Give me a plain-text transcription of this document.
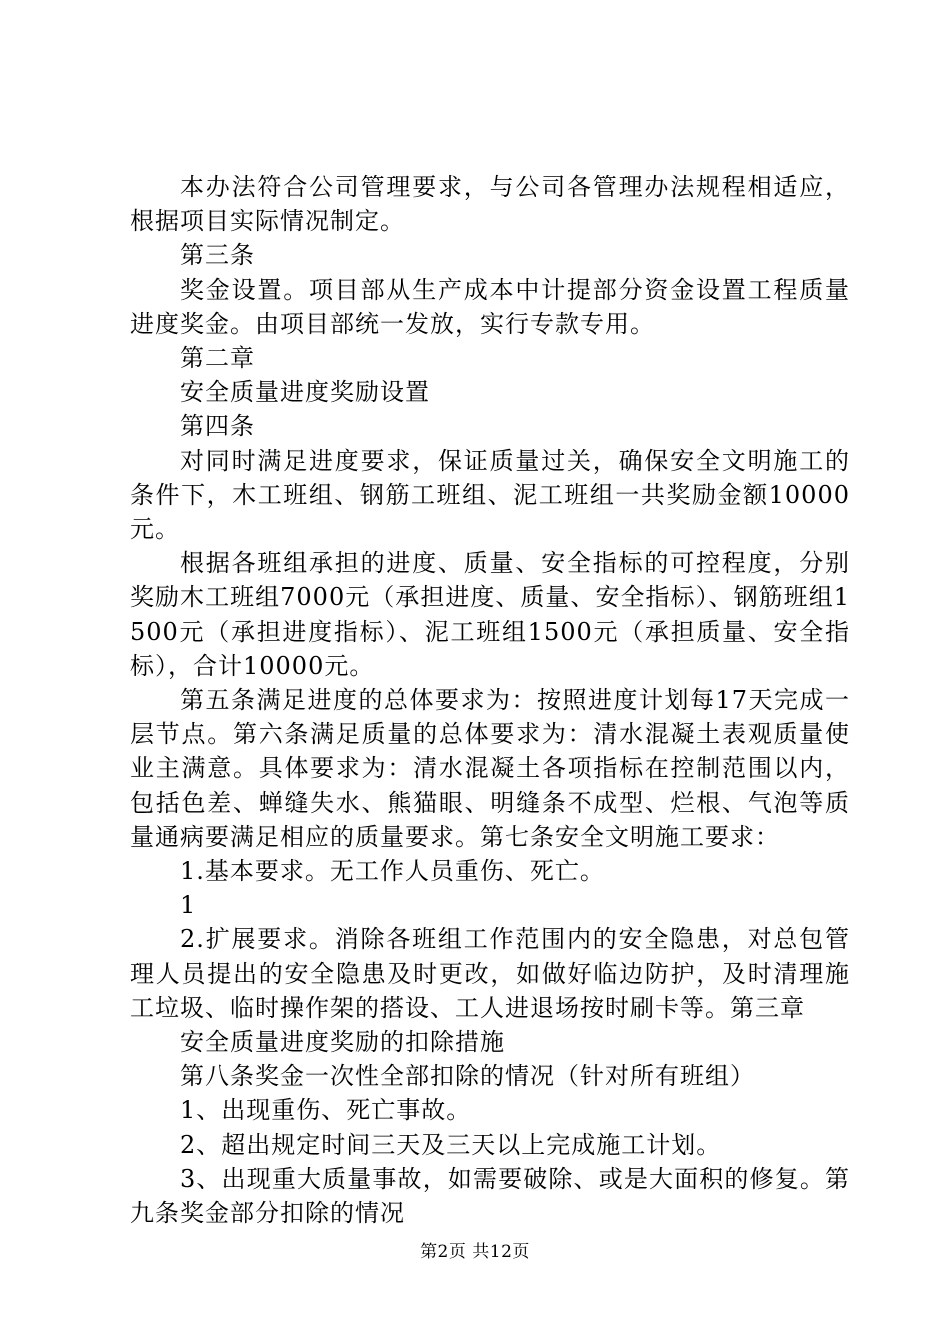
本办法符合公司管理要求，与公司各管理办法规程相适应，根据项目实际情况制定。

第三条

奖金设置。项目部从生产成本中计提部分资金设置工程质量进度奖金。由项目部统一发放，实行专款专用。

第二章

安全质量进度奖励设置

第四条

对同时满足进度要求，保证质量过关，确保安全文明施工的条件下，木工班组、钢筋工班组、泥工班组一共奖励金额10000元。

根据各班组承担的进度、质量、安全指标的可控程度，分别奖励木工班组7000元（承担进度、质量、安全指标）、钢筋班组1500元（承担进度指标）、泥工班组1500元（承担质量、安全指标），合计10000元。

第五条满足进度的总体要求为：按照进度计划每17天完成一层节点。第六条满足质量的总体要求为：清水混凝土表观质量使业主满意。具体要求为：清水混凝土各项指标在控制范围以内，包括色差、蝉缝失水、熊猫眼、明缝条不成型、烂根、气泡等质量通病要满足相应的质量要求。第七条安全文明施工要求：

1.基本要求。无工作人员重伤、死亡。

1

2.扩展要求。消除各班组工作范围内的安全隐患，对总包管理人员提出的安全隐患及时更改，如做好临边防护，及时清理施工垃圾、临时操作架的搭设、工人进退场按时刷卡等。第三章

安全质量进度奖励的扣除措施

第八条奖金一次性全部扣除的情况（针对所有班组）

1、出现重伤、死亡事故。

2、超出规定时间三天及三天以上完成施工计划。

3、出现重大质量事故，如需要破除、或是大面积的修复。第九条奖金部分扣除的情况

第2页 共12页
